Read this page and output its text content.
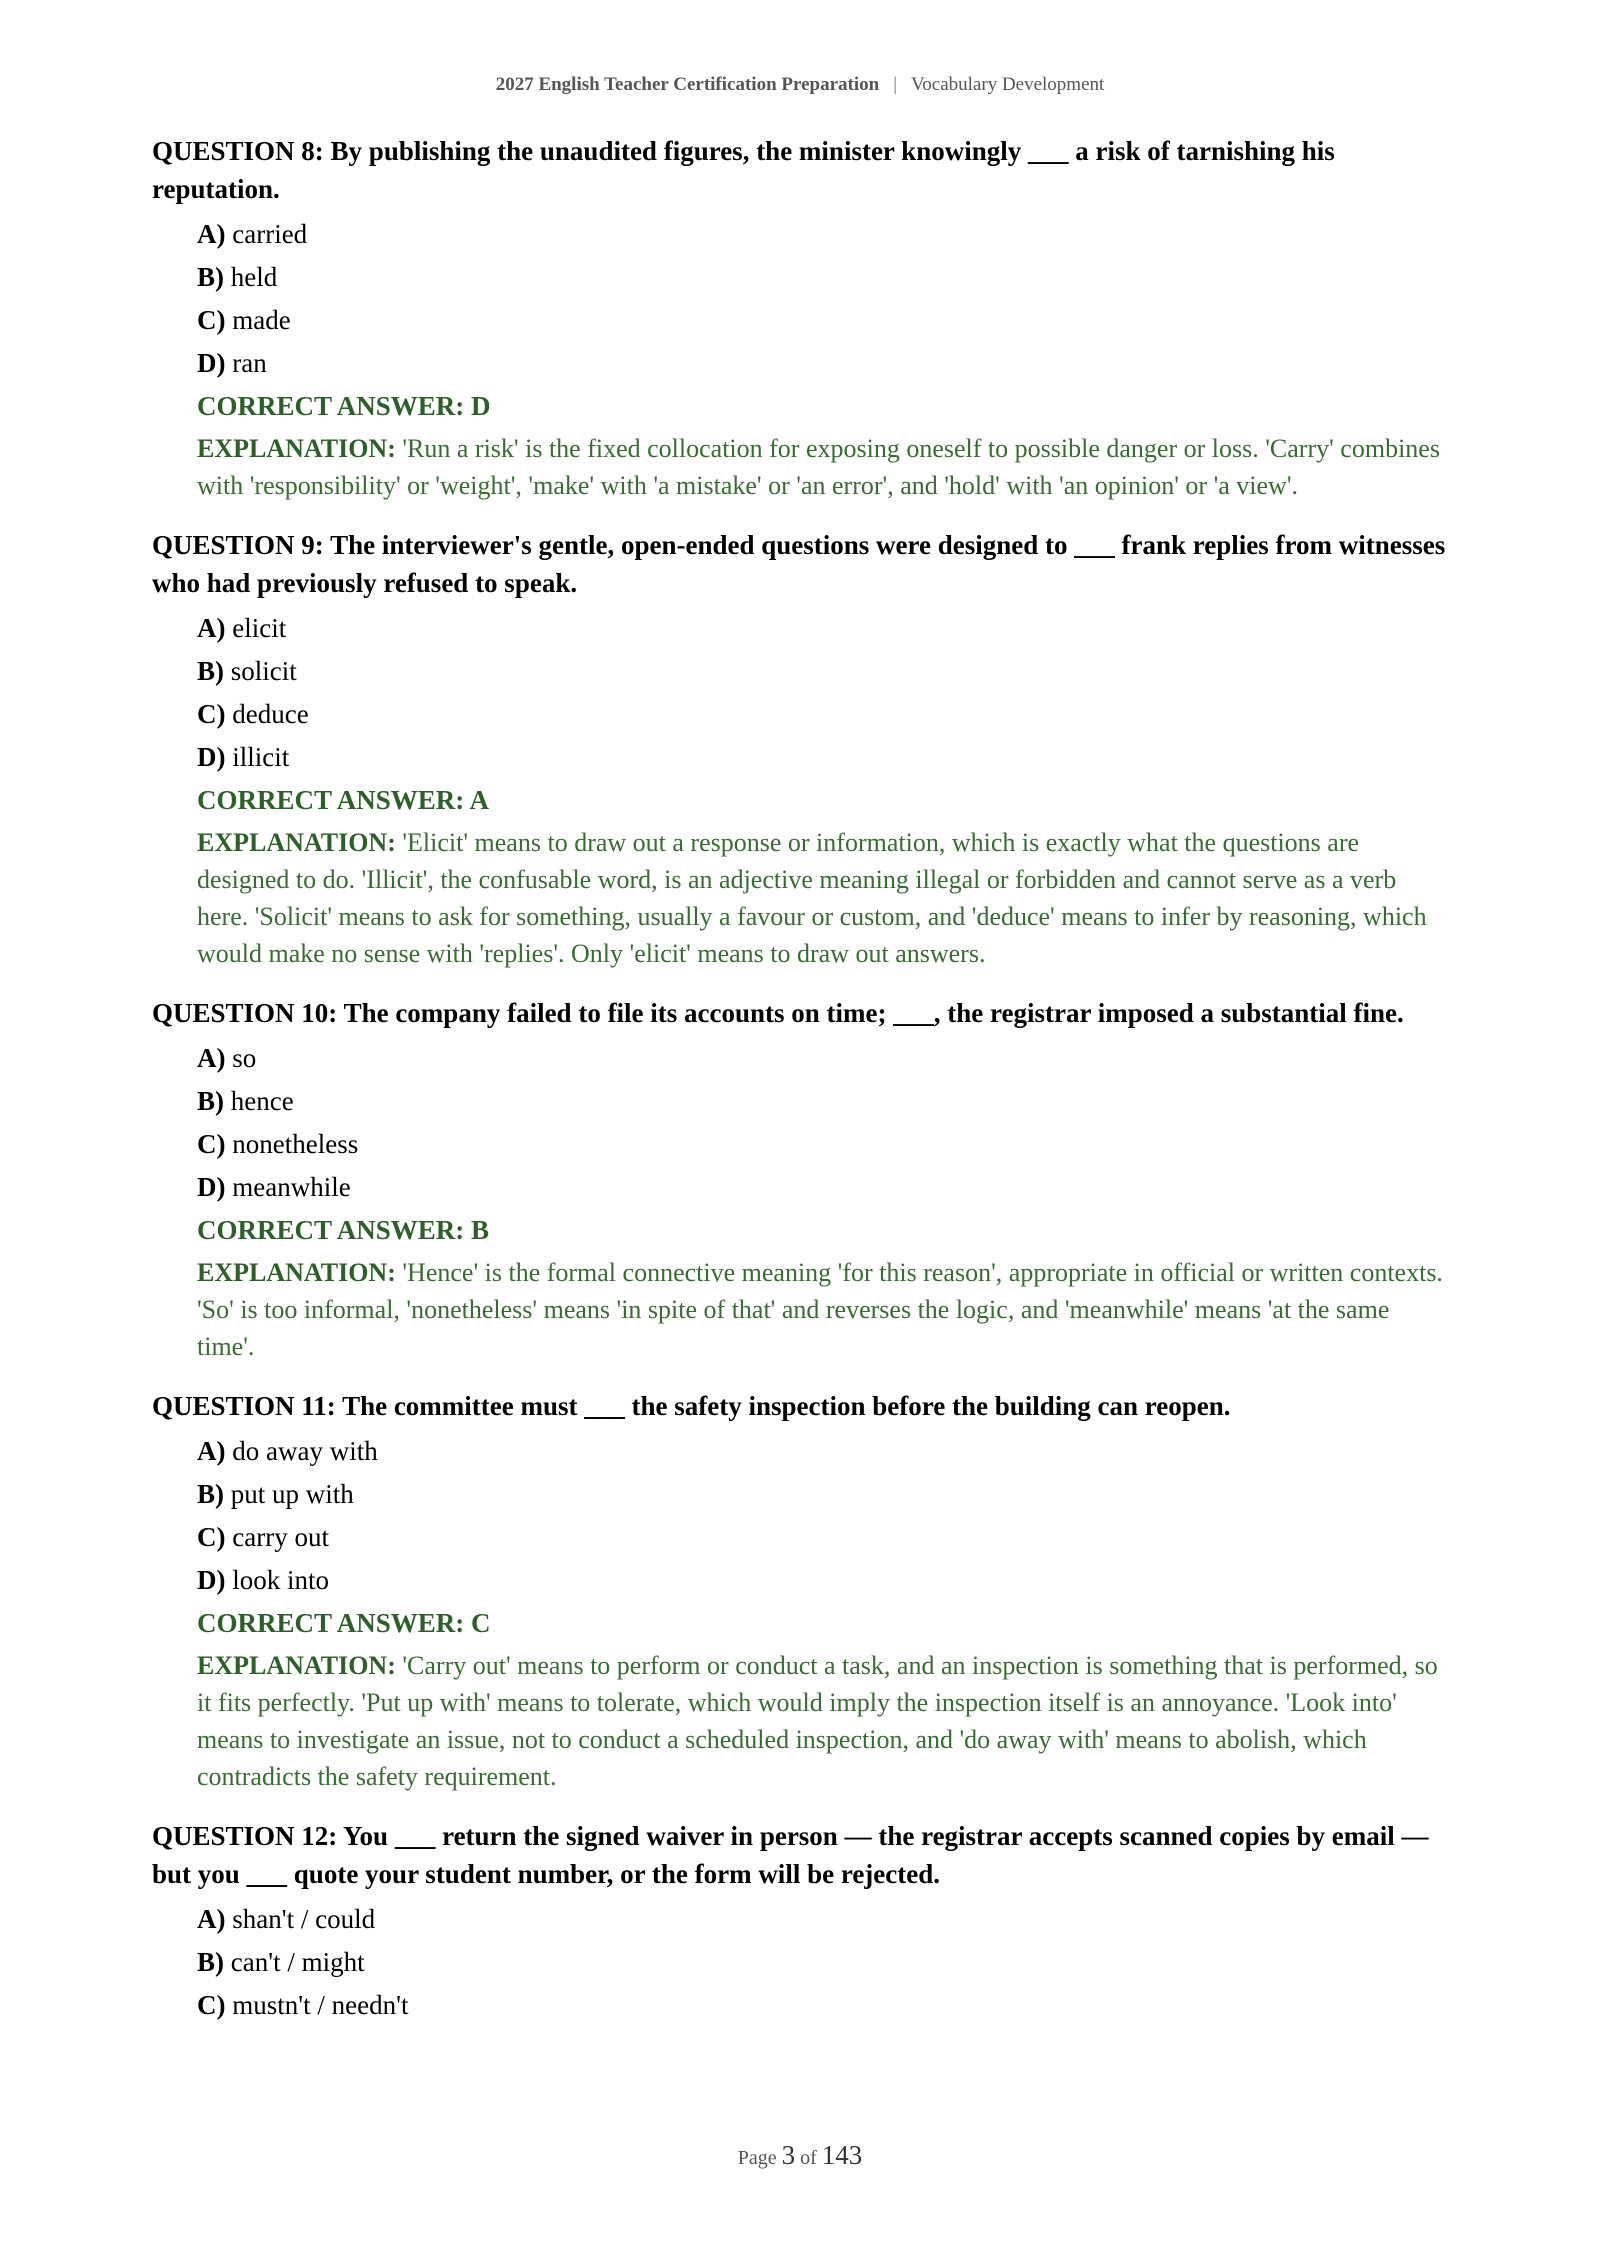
2027 English Teacher Certification Preparation | Vocabulary Development

QUESTION 8: By publishing the unaudited figures, the minister knowingly ___ a risk of tarnishing his reputation.

A) carried
B) held
C) made
D) ran
CORRECT ANSWER: D
EXPLANATION: 'Run a risk' is the fixed collocation for exposing oneself to possible danger or loss. 'Carry' combines with 'responsibility' or 'weight', 'make' with 'a mistake' or 'an error', and 'hold' with 'an opinion' or 'a view'.

QUESTION 9: The interviewer's gentle, open-ended questions were designed to ___ frank replies from witnesses who had previously refused to speak.

A) elicit
B) solicit
C) deduce
D) illicit
CORRECT ANSWER: A
EXPLANATION: 'Elicit' means to draw out a response or information, which is exactly what the questions are designed to do. 'Illicit', the confusable word, is an adjective meaning illegal or forbidden and cannot serve as a verb here. 'Solicit' means to ask for something, usually a favour or custom, and 'deduce' means to infer by reasoning, which would make no sense with 'replies'. Only 'elicit' means to draw out answers.

QUESTION 10: The company failed to file its accounts on time; ___, the registrar imposed a substantial fine.

A) so
B) hence
C) nonetheless
D) meanwhile
CORRECT ANSWER: B
EXPLANATION: 'Hence' is the formal connective meaning 'for this reason', appropriate in official or written contexts. 'So' is too informal, 'nonetheless' means 'in spite of that' and reverses the logic, and 'meanwhile' means 'at the same time'.

QUESTION 11: The committee must ___ the safety inspection before the building can reopen.

A) do away with
B) put up with
C) carry out
D) look into
CORRECT ANSWER: C
EXPLANATION: 'Carry out' means to perform or conduct a task, and an inspection is something that is performed, so it fits perfectly. 'Put up with' means to tolerate, which would imply the inspection itself is an annoyance. 'Look into' means to investigate an issue, not to conduct a scheduled inspection, and 'do away with' means to abolish, which contradicts the safety requirement.

QUESTION 12: You ___ return the signed waiver in person — the registrar accepts scanned copies by email — but you ___ quote your student number, or the form will be rejected.

A) shan't / could
B) can't / might
C) mustn't / needn't
Page 3 of 143
